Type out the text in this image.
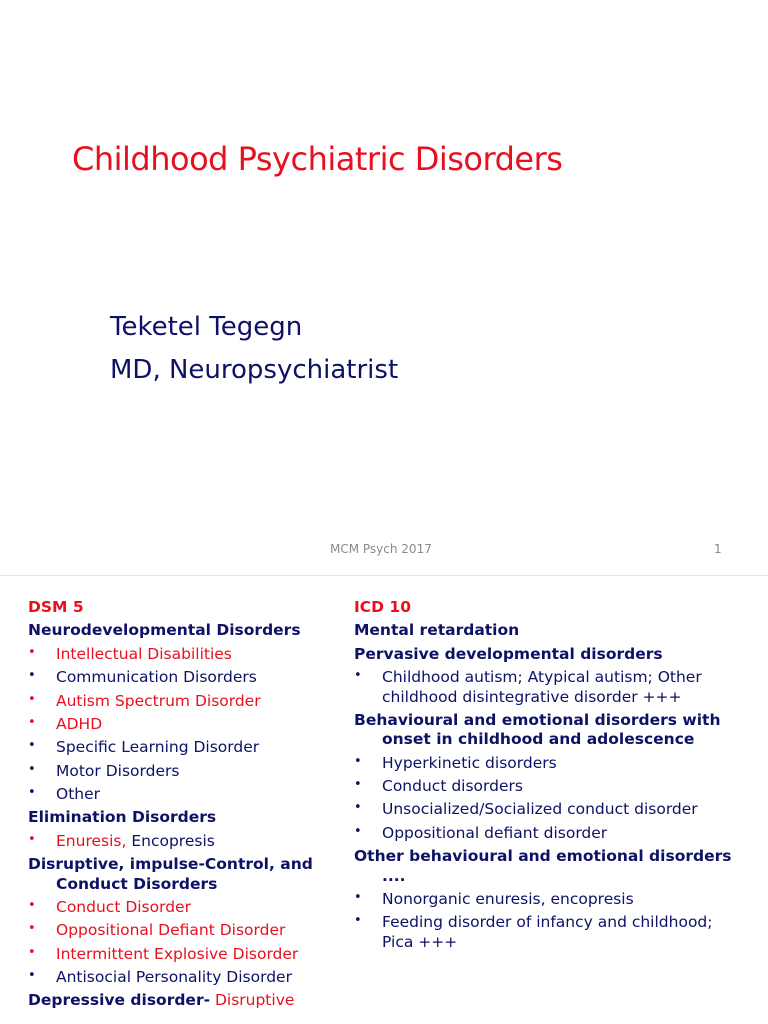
Childhood Psychiatric Disorders
Teketel Tegegn
MD, Neuropsychiatrist
MCM Psych 2017	1
DSM 5
Neurodevelopmental Disorders
• Intellectual Disabilities
• Communication Disorders
• Autism Spectrum Disorder
• ADHD
• Specific Learning Disorder
• Motor Disorders
• Other
Elimination Disorders
• Enuresis, Encopresis
Disruptive, impulse-Control, and Conduct Disorders
• Conduct Disorder
• Oppositional Defiant Disorder
• Intermittent Explosive Disorder
• Antisocial Personality Disorder
Depressive disorder- Disruptive
ICD 10
Mental retardation
Pervasive developmental disorders
• Childhood autism; Atypical autism; Other childhood disintegrative disorder +++
Behavioural and emotional disorders with onset in childhood and adolescence
• Hyperkinetic disorders
• Conduct disorders
• Unsocialized/Socialized conduct disorder
• Oppositional defiant disorder
Other behavioural and emotional disorders ....
• Nonorganic enuresis, encopresis
• Feeding disorder of infancy and childhood; Pica +++
